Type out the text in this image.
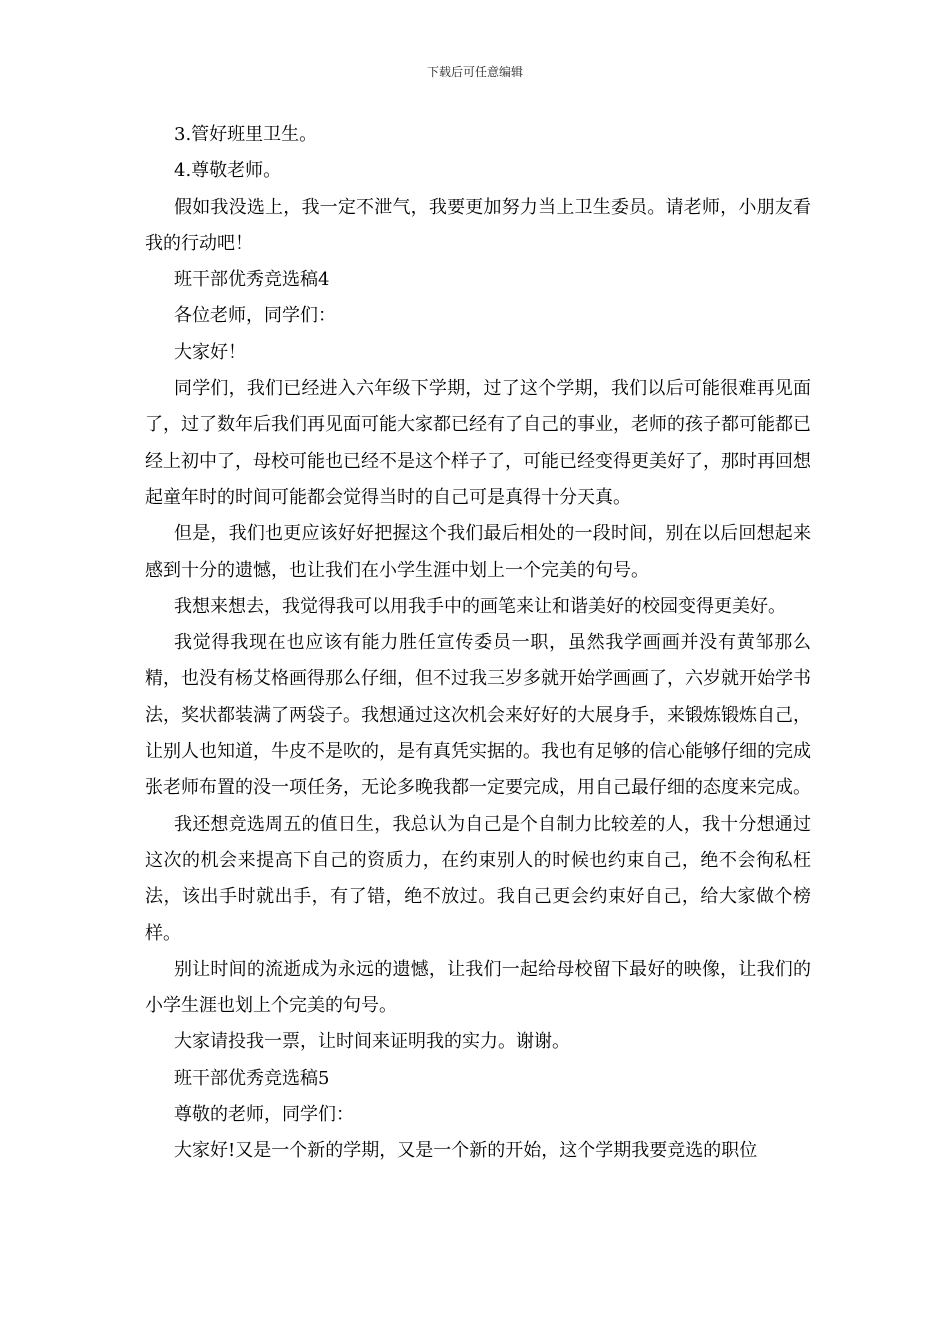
下载后可任意编辑

3.管好班里卫生。

4.尊敬老师。

假如我没选上，我一定不泄气，我要更加努力当上卫生委员。请老师，小朋友看我的行动吧！

班干部优秀竞选稿4

各位老师，同学们：

大家好！

同学们，我们已经进入六年级下学期，过了这个学期，我们以后可能很难再见面了，过了数年后我们再见面可能大家都已经有了自己的事业，老师的孩子都可能都已经上初中了，母校可能也已经不是这个样子了，可能已经变得更美好了，那时再回想起童年时的时间可能都会觉得当时的自己可是真得十分天真。

但是，我们也更应该好好把握这个我们最后相处的一段时间，别在以后回想起来感到十分的遗憾，也让我们在小学生涯中划上一个完美的句号。

我想来想去，我觉得我可以用我手中的画笔来让和谐美好的校园变得更美好。

我觉得我现在也应该有能力胜任宣传委员一职，虽然我学画画并没有黄邹那么精，也没有杨艾格画得那么仔细，但不过我三岁多就开始学画画了，六岁就开始学书法，奖状都装满了两袋子。我想通过这次机会来好好的大展身手，来锻炼锻炼自己，让别人也知道，牛皮不是吹的，是有真凭实据的。我也有足够的信心能够仔细的完成张老师布置的没一项任务，无论多晚我都一定要完成，用自己最仔细的态度来完成。

我还想竞选周五的值日生，我总认为自己是个自制力比较差的人，我十分想通过这次的机会来提高下自己的资质力，在约束别人的时候也约束自己，绝不会徇私枉法，该出手时就出手，有了错，绝不放过。我自己更会约束好自己，给大家做个榜样。

别让时间的流逝成为永远的遗憾，让我们一起给母校留下最好的映像，让我们的小学生涯也划上个完美的句号。

大家请投我一票，让时间来证明我的实力。谢谢。

班干部优秀竞选稿5

尊敬的老师，同学们：

大家好!又是一个新的学期，又是一个新的开始，这个学期我要竞选的职位
